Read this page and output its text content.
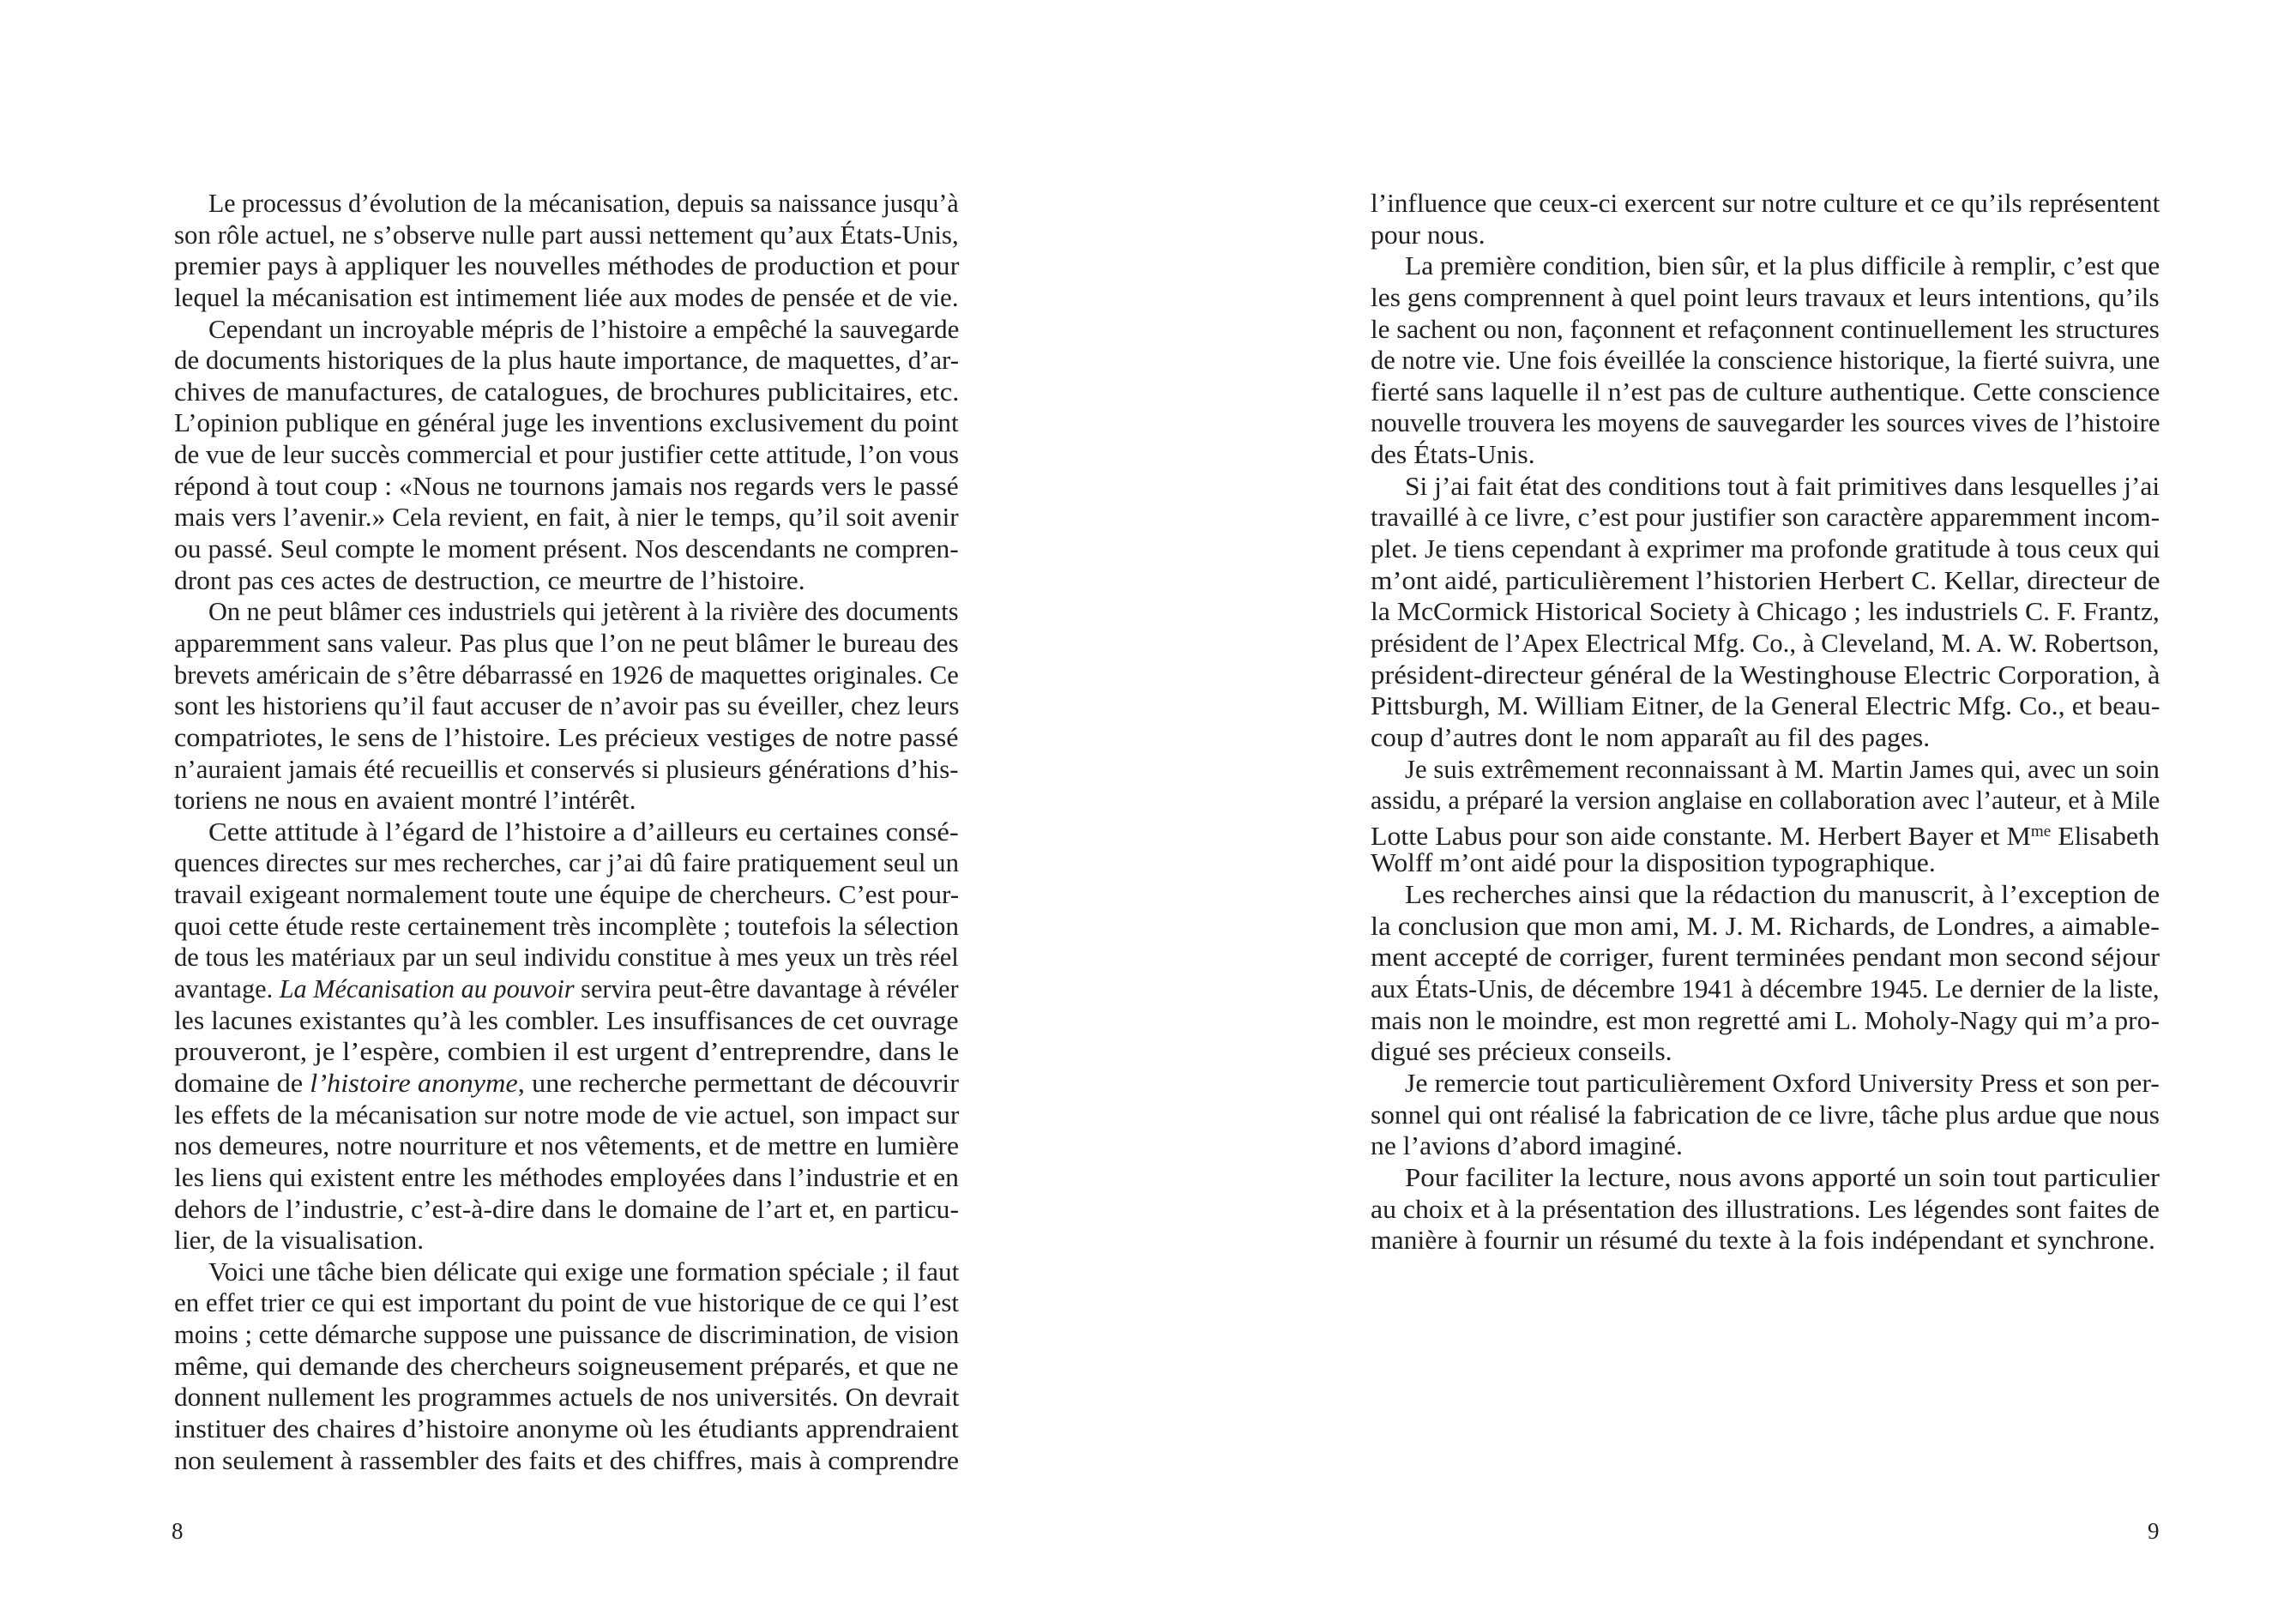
Le processus d’évolution de la mécanisation, depuis sa naissance jusqu’à
son rôle actuel, ne s’observe nulle part aussi nettement qu’aux États-Unis,
premier pays à appliquer les nouvelles méthodes de production et pour
lequel la mécanisation est intimement liée aux modes de pensée et de vie.
Cependant un incroyable mépris de l’histoire a empêché la sauvegarde
de documents historiques de la plus haute importance, de maquettes, d’ar-
chives de manufactures, de catalogues, de brochures publicitaires, etc.
L’opinion publique en général juge les inventions exclusivement du point
de vue de leur succès commercial et pour justifier cette attitude, l’on vous
répond à tout coup : «Nous ne tournons jamais nos regards vers le passé
mais vers l’avenir.» Cela revient, en fait, à nier le temps, qu’il soit avenir
ou passé. Seul compte le moment présent. Nos descendants ne compren-
dront pas ces actes de destruction, ce meurtre de l’histoire.
On ne peut blâmer ces industriels qui jetèrent à la rivière des documents
apparemment sans valeur. Pas plus que l’on ne peut blâmer le bureau des
brevets américain de s’être débarrassé en 1926 de maquettes originales. Ce
sont les historiens qu’il faut accuser de n’avoir pas su éveiller, chez leurs
compatriotes, le sens de l’histoire. Les précieux vestiges de notre passé
n’auraient jamais été recueillis et conservés si plusieurs générations d’his-
toriens ne nous en avaient montré l’intérêt.
Cette attitude à l’égard de l’histoire a d’ailleurs eu certaines consé-
quences directes sur mes recherches, car j’ai dû faire pratiquement seul un
travail exigeant normalement toute une équipe de chercheurs. C’est pour-
quoi cette étude reste certainement très incomplète ; toutefois la sélection
de tous les matériaux par un seul individu constitue à mes yeux un très réel
avantage. La Mécanisation au pouvoir servira peut-être davantage à révéler
les lacunes existantes qu’à les combler. Les insuffisances de cet ouvrage
prouveront, je l’espère, combien il est urgent d’entreprendre, dans le
domaine de l’histoire anonyme, une recherche permettant de découvrir
les effets de la mécanisation sur notre mode de vie actuel, son impact sur
nos demeures, notre nourriture et nos vêtements, et de mettre en lumière
les liens qui existent entre les méthodes employées dans l’industrie et en
dehors de l’industrie, c’est-à-dire dans le domaine de l’art et, en particu-
lier, de la visualisation.
Voici une tâche bien délicate qui exige une formation spéciale ; il faut
en effet trier ce qui est important du point de vue historique de ce qui l’est
moins ; cette démarche suppose une puissance de discrimination, de vision
même, qui demande des chercheurs soigneusement préparés, et que ne
donnent nullement les programmes actuels de nos universités. On devrait
instituer des chaires d’histoire anonyme où les étudiants apprendraient
non seulement à rassembler des faits et des chiffres, mais à comprendre
8
l’influence que ceux-ci exercent sur notre culture et ce qu’ils représentent
pour nous.
La première condition, bien sûr, et la plus difficile à remplir, c’est que
les gens comprennent à quel point leurs travaux et leurs intentions, qu’ils
le sachent ou non, façonnent et refaçonnent continuellement les structures
de notre vie. Une fois éveillée la conscience historique, la fierté suivra, une
fierté sans laquelle il n’est pas de culture authentique. Cette conscience
nouvelle trouvera les moyens de sauvegarder les sources vives de l’histoire
des États-Unis.
Si j’ai fait état des conditions tout à fait primitives dans lesquelles j’ai
travaillé à ce livre, c’est pour justifier son caractère apparemment incom-
plet. Je tiens cependant à exprimer ma profonde gratitude à tous ceux qui
m’ont aidé, particulièrement l’historien Herbert C. Kellar, directeur de
la McCormick Historical Society à Chicago ; les industriels C. F. Frantz,
président de l’Apex Electrical Mfg. Co., à Cleveland, M. A. W. Robertson,
président-directeur général de la Westinghouse Electric Corporation, à
Pittsburgh, M. William Eitner, de la General Electric Mfg. Co., et beau-
coup d’autres dont le nom apparaît au fil des pages.
Je suis extrêmement reconnaissant à M. Martin James qui, avec un soin
assidu, a préparé la version anglaise en collaboration avec l’auteur, et à Mile
Lotte Labus pour son aide constante. M. Herbert Bayer et $M^{me}$ Elisabeth
Wolff m’ont aidé pour la disposition typographique.
Les recherches ainsi que la rédaction du manuscrit, à l’exception de
la conclusion que mon ami, M. J. M. Richards, de Londres, a aimable-
ment accepté de corriger, furent terminées pendant mon second séjour
aux États-Unis, de décembre 1941 à décembre 1945. Le dernier de la liste,
mais non le moindre, est mon regretté ami L. Moholy-Nagy qui m’a pro-
digué ses précieux conseils.
Je remercie tout particulièrement Oxford University Press et son per-
sonnel qui ont réalisé la fabrication de ce livre, tâche plus ardue que nous
ne l’avions d’abord imaginé.
Pour faciliter la lecture, nous avons apporté un soin tout particulier
au choix et à la présentation des illustrations. Les légendes sont faites de
manière à fournir un résumé du texte à la fois indépendant et synchrone.
9
